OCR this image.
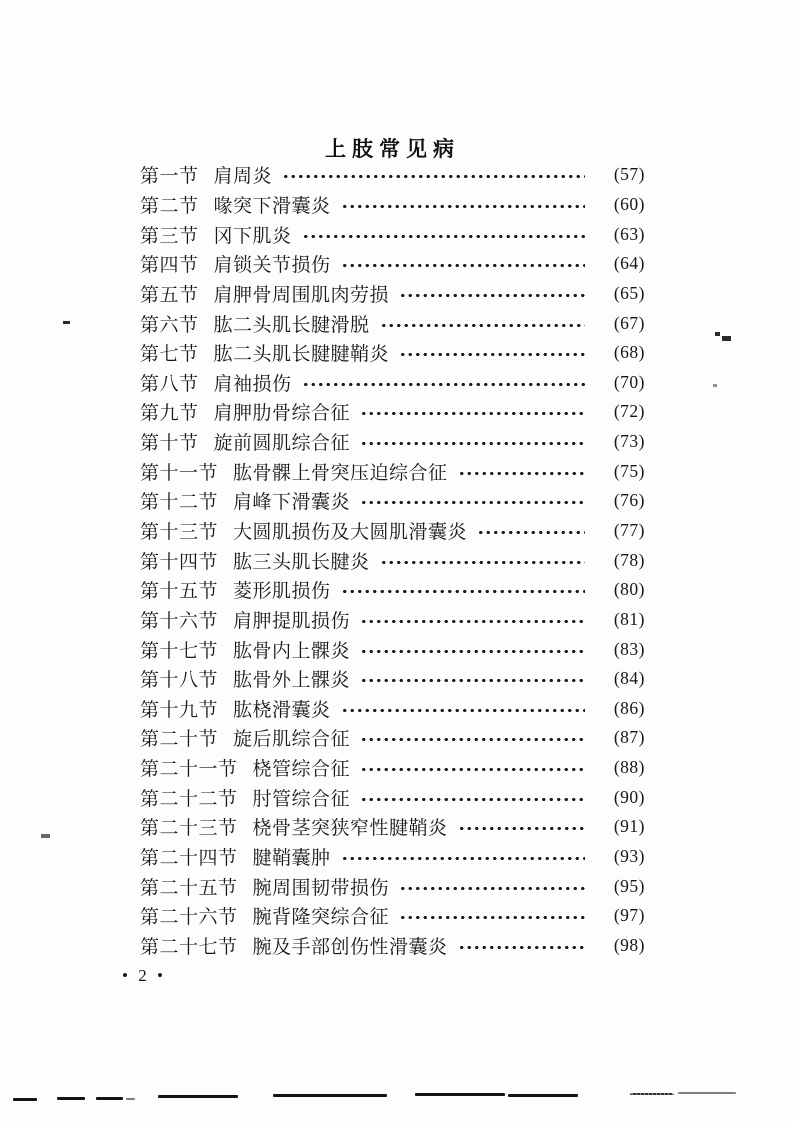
上肢常见病
第一节 肩周炎	(57)
第二节 喙突下滑囊炎	(60)
第三节 冈下肌炎	(63)
第四节 肩锁关节损伤	(64)
第五节 肩胛骨周围肌肉劳损	(65)
第六节 肱二头肌长腱滑脱	(67)
第七节 肱二头肌长腱腱鞘炎	(68)
第八节 肩袖损伤	(70)
第九节 肩胛肋骨综合征	(72)
第十节 旋前圆肌综合征	(73)
第十一节 肱骨髁上骨突压迫综合征	(75)
第十二节 肩峰下滑囊炎	(76)
第十三节 大圆肌损伤及大圆肌滑囊炎	(77)
第十四节 肱三头肌长腱炎	(78)
第十五节 菱形肌损伤	(80)
第十六节 肩胛提肌损伤	(81)
第十七节 肱骨内上髁炎	(83)
第十八节 肱骨外上髁炎	(84)
第十九节 肱桡滑囊炎	(86)
第二十节 旋后肌综合征	(87)
第二十一节 桡管综合征	(88)
第二十二节 肘管综合征	(90)
第二十三节 桡骨茎突狭窄性腱鞘炎	(91)
第二十四节 腱鞘囊肿	(93)
第二十五节 腕周围韧带损伤	(95)
第二十六节 腕背隆突综合征	(97)
第二十七节 腕及手部创伤性滑囊炎	(98)
• 2 •
